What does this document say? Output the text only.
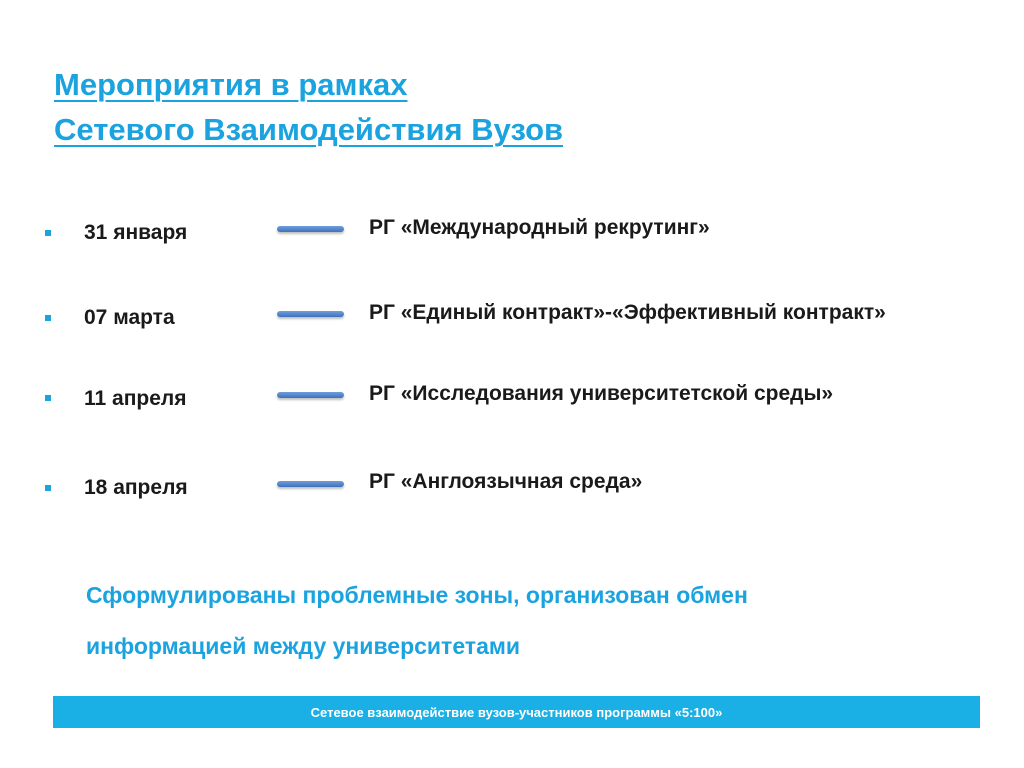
Мероприятия в рамках
Сетевого Взаимодействия Вузов
31 января	РГ «Международный рекрутинг»
07 марта	РГ «Единый контракт»-«Эффективный контракт»
11 апреля	РГ «Исследования университетской среды»
18 апреля	РГ «Англоязычная среда»
Сформулированы проблемные зоны, организован обмен
информацией между университетами
Сетевое взаимодействие вузов-участников программы «5:100»
